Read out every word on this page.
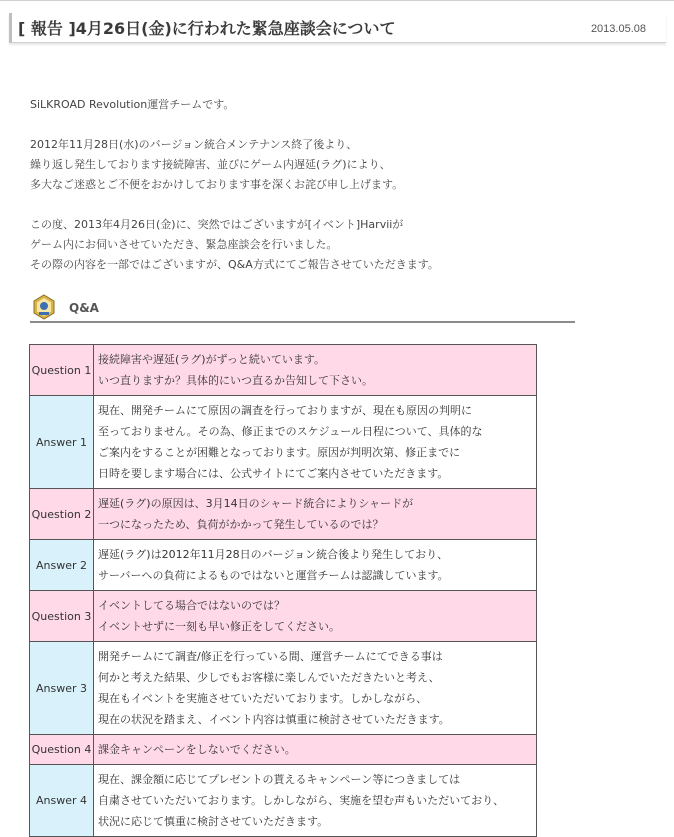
[ 報告 ]4月26日(金)に行われた緊急座談会について	2013.05.08

SiLKROAD Revolution運営チームです。

2012年11月28日(水)のバージョン統合メンテナンス終了後より、
繰り返し発生しております接続障害、並びにゲーム内遅延(ラグ)により、
多大なご迷惑とご不便をおかけしております事を深くお詫び申し上げます。

この度、2013年4月26日(金)に、突然ではございますが[イベント]Harviiが
ゲーム内にお伺いさせていただき、緊急座談会を行いました。
その際の内容を一部ではございますが、Q&A方式にてご報告させていただきます。

Q&A
Question 1	接続障害や遅延(ラグ)がずっと続いています。
いつ直りますか？具体的にいつ直るか告知して下さい。

Answer 1	現在、開発チームにて原因の調査を行っておりますが、現在も原因の判明に
至っておりません。その為、修正までのスケジュール日程について、具体的な
ご案内をすることが困難となっております。原因が判明次第、修正までに
日時を要します場合には、公式サイトにてご案内させていただきます。

Question 2	遅延(ラグ)の原因は、3月14日のシャード統合によりシャードが
一つになったため、負荷がかかって発生しているのでは？

Answer 2	遅延(ラグ)は2012年11月28日のバージョン統合後より発生しており、
サーバーへの負荷によるものではないと運営チームは認識しています。

Question 3	イベントしてる場合ではないのでは？
イベントせずに一刻も早い修正をしてください。

Answer 3	開発チームにて調査/修正を行っている間、運営チームにてできる事は
何かと考えた結果、少しでもお客様に楽しんでいただきたいと考え、
現在もイベントを実施させていただいております。しかしながら、
現在の状況を踏まえ、イベント内容は慎重に検討させていただきます。

Question 4	課金キャンペーンをしないでください。

Answer 4	現在、課金額に応じてプレゼントの貰えるキャンペーン等につきましては
自粛させていただいております。しかしながら、実施を望む声もいただいており、
状況に応じて慎重に検討させていただきます。
